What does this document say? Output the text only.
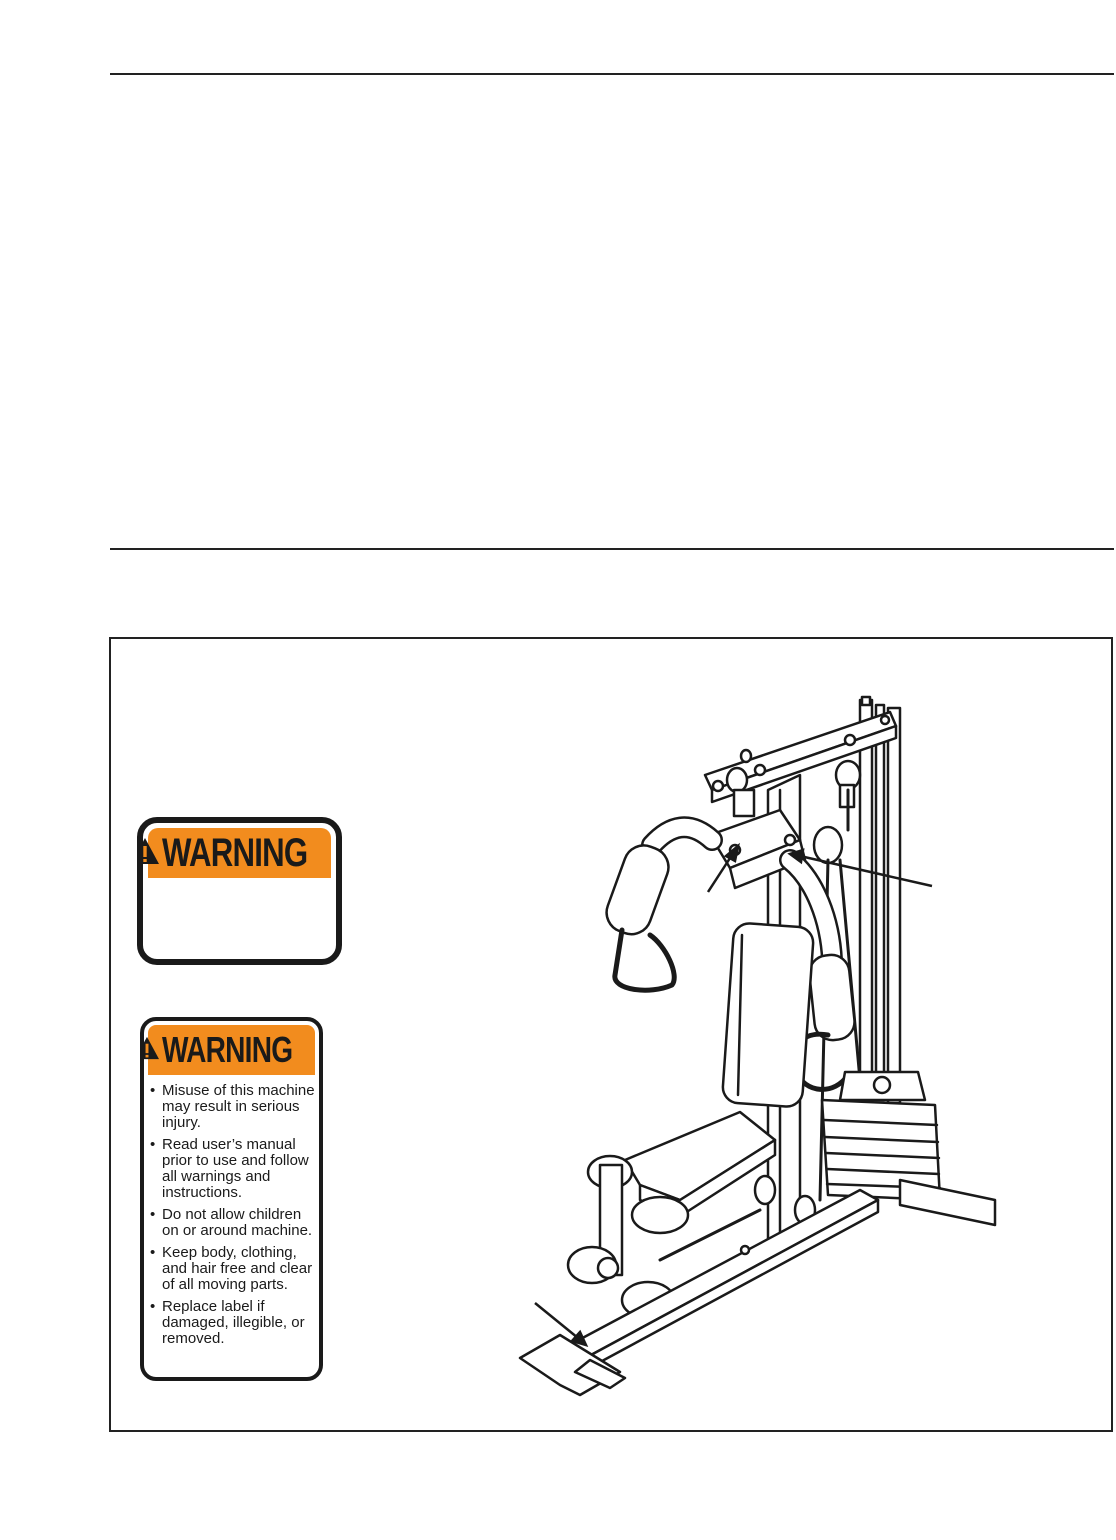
WARNING
WARNING
• Misuse of this machine may result in serious injury.
• Read user’s manual prior to use and follow all warnings and instructions.
• Do not allow children on or around machine.
• Keep body, clothing, and hair free and clear of all moving parts.
• Replace label if damaged, illegible, or removed.
